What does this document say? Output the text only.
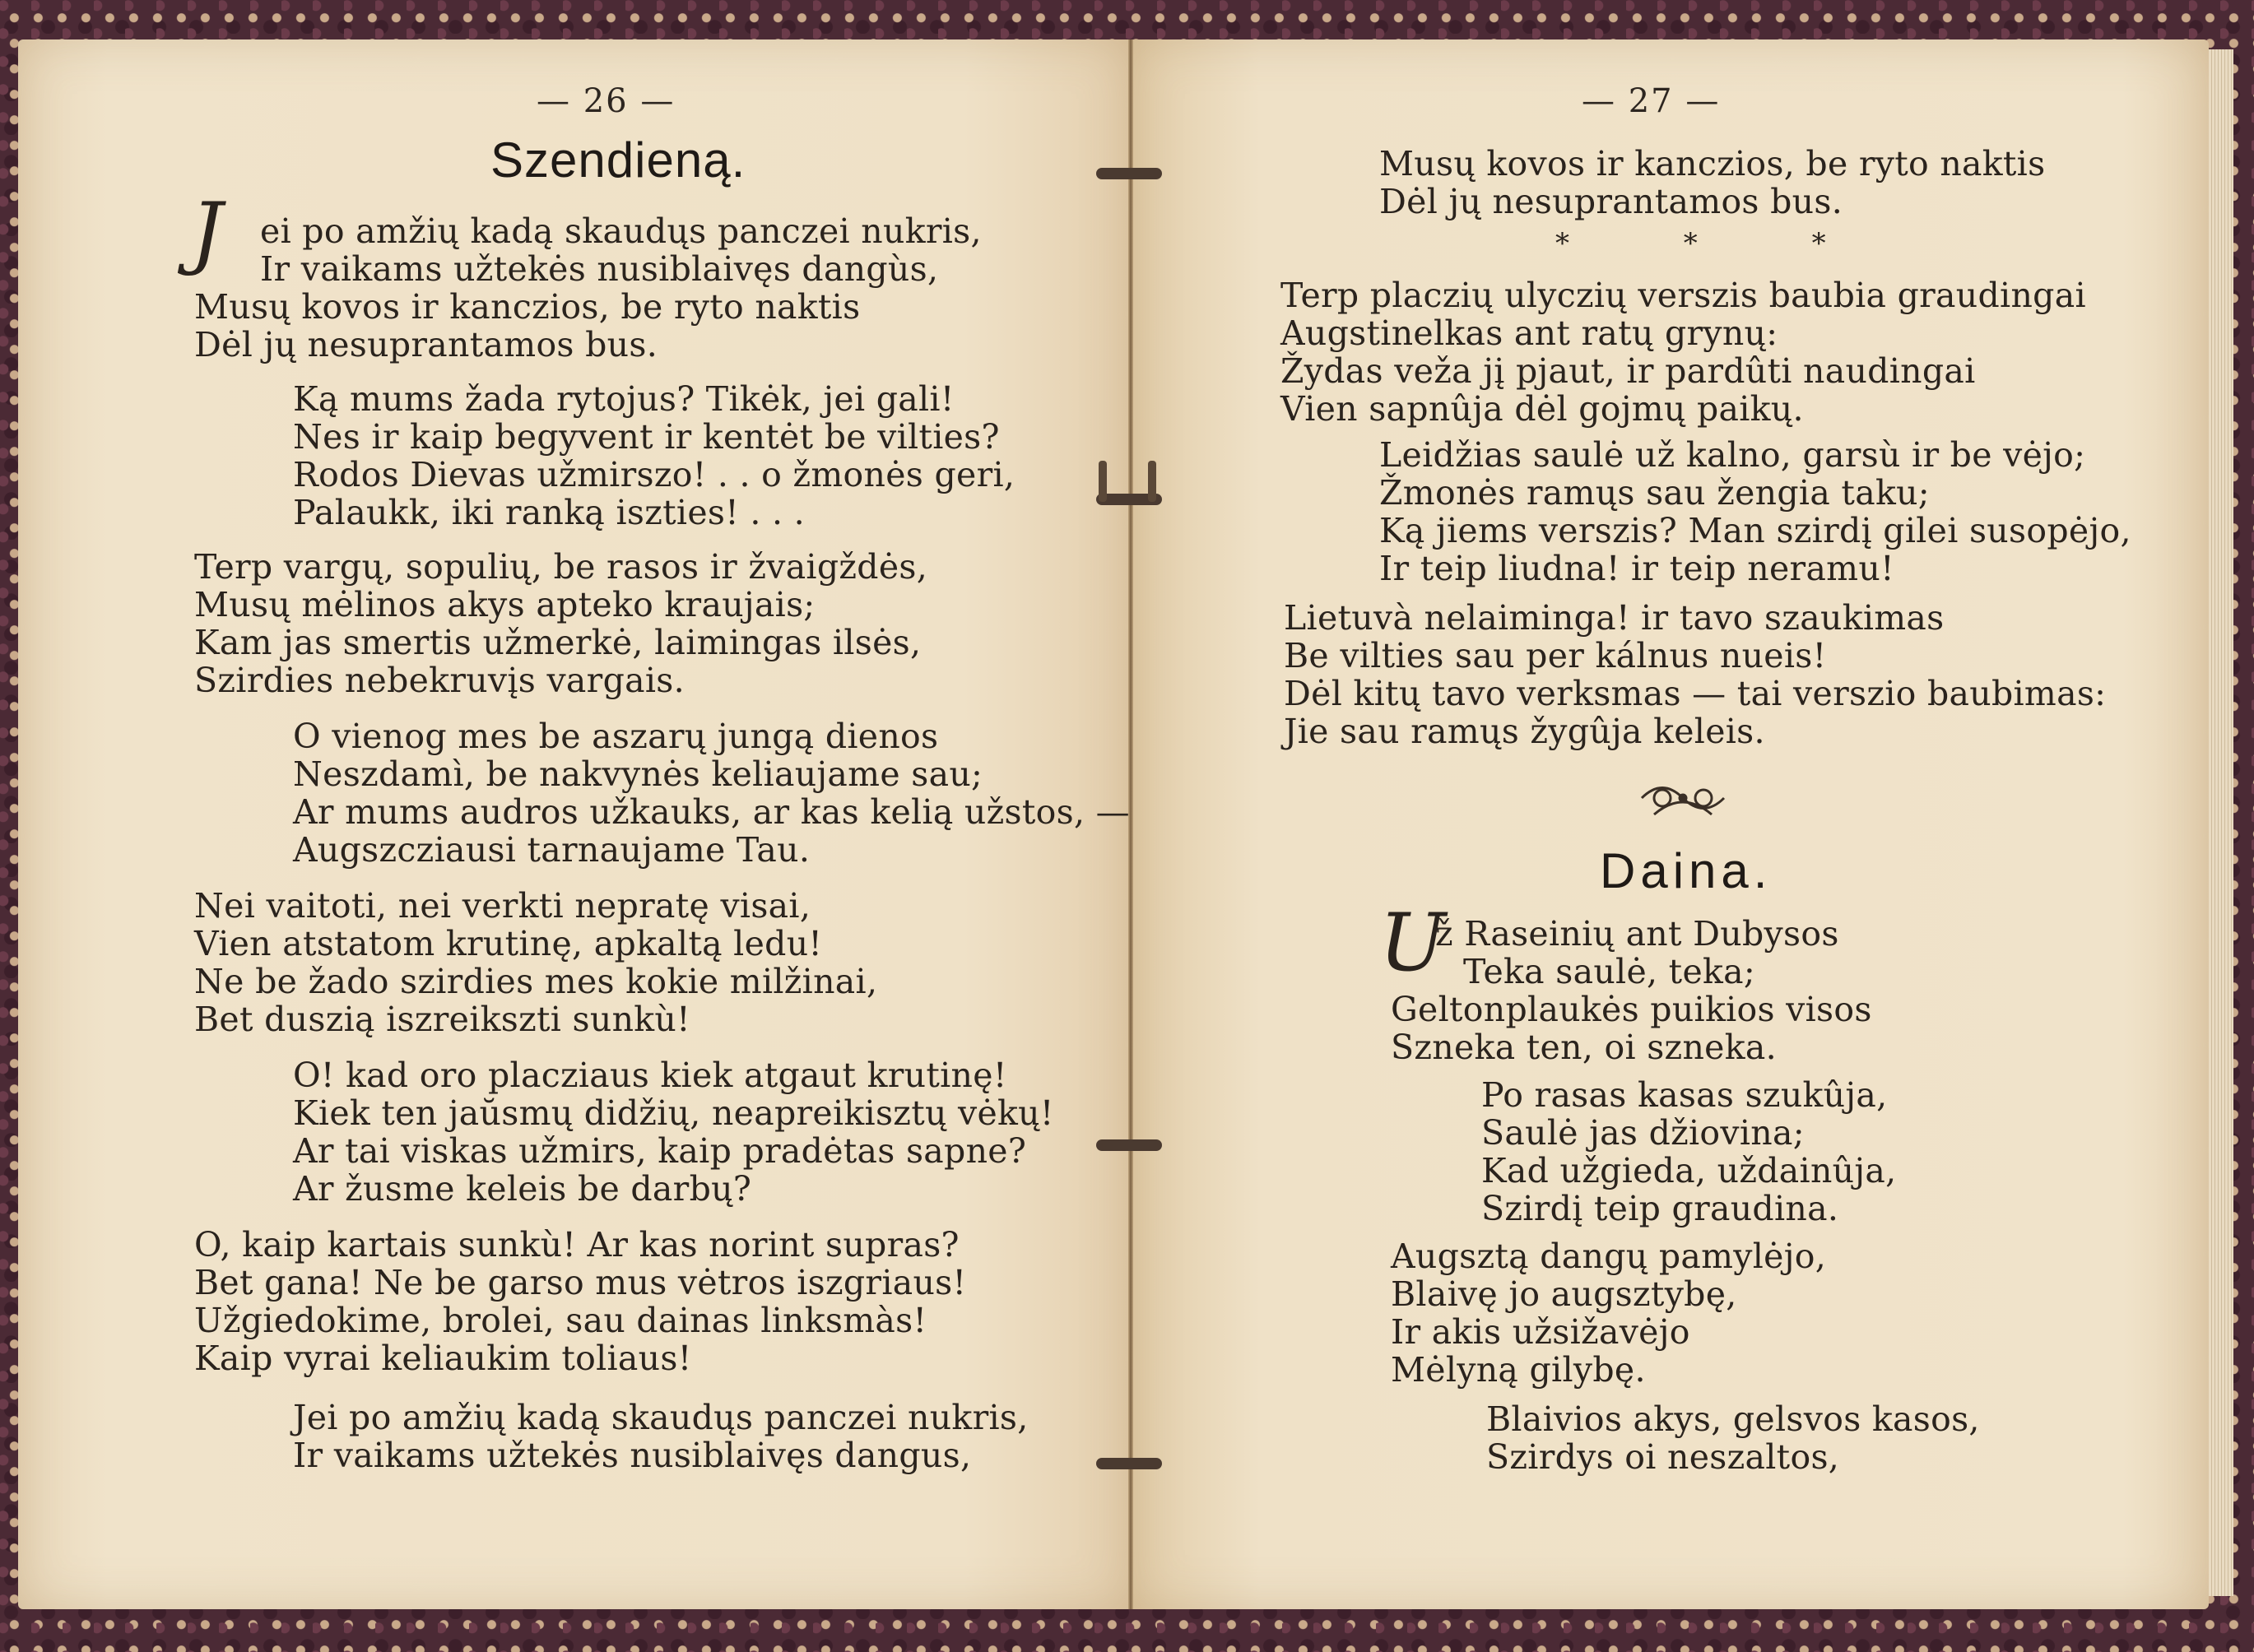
— 26 —
Szendieną.
J ei po amžių kadą skaudųs panczei nukris,
Ir vaikams užtekės nusiblaivęs dangùs,
Musų kovos ir kanczios, be ryto naktis
Dėl jų nesuprantamos bus.
Ką mums žada rytojus? Tikėk, jei gali!
Nes ir kaip begyvent ir kentėt be vilties?
Rodos Dievas užmirszo! . . o žmonės geri,
Palaukk, iki ranką iszties! . . .
Terp vargų, sopulių, be rasos ir žvaigždės,
Musų mėlinos akys apteko kraujais;
Kam jas smertis užmerkė, laimingas ilsės,
Szirdies nebekruvįs vargais.
O vienog mes be aszarų jungą dienos
Neszdamì, be nakvynės keliaujame sau;
Ar mums audros užkauks, ar kas kelią užstos, —
Augszcziausi tarnaujame Tau.
Nei vaitoti, nei verkti nepratę visai,
Vien atstatom krutinę, apkaltą ledu!
Ne be žado szirdies mes kokie milžinai,
Bet duszią iszreikszti sunkù!
O! kad oro placziaus kiek atgaut krutinę!
Kiek ten jaŭsmų didžių, neapreikisztų vėkų!
Ar tai viskas užmirs, kaip pradėtas sapne?
Ar žusme keleis be darbų?
O, kaip kartais sunkù! Ar kas norint supras?
Bet gana! Ne be garso mus vėtros iszgriaus!
Užgiedokime, brolei, sau dainas linksmàs!
Kaip vyrai keliaukim toliaus!
Jei po amžių kadą skaudųs panczei nukris,
Ir vaikams užtekės nusiblaivęs dangus,
— 27 —
Musų kovos ir kanczios, be ryto naktis
Dėl jų nesuprantamos bus.
* * *
Terp placzių ulyczių verszis baubia graudingai
Augstinelkas ant ratų grynų:
Žydas veža jį pjaut, ir pardûti naudingai
Vien sapnûja dėl gojmų paikų.
Leidžias saulė už kalno, garsù ir be vėjo;
Žmonės ramųs sau žengia taku;
Ką jiems verszis? Man szirdį gilei susopėjo,
Ir teip liudna! ir teip neramu!
Lietuvà nelaiminga! ir tavo szaukimas
Be vilties sau per kálnus nueis!
Dėl kitų tavo verksmas — tai verszio baubimas:
Jie sau ramųs žygûja keleis.
Daina.
U
ž Raseinių ant Dubysos
Teka saulė, teka;
Geltonplaukės puikios visos
Szneka ten, oi szneka.
Po rasas kasas szukûja,
Saulė jas džiovina;
Kad užgieda, uždainûja,
Szirdį teip graudina.
Augsztą dangų pamylėjo,
Blaivę jo augsztybę,
Ir akis užsižavėjo
Mėlyną gilybę.
Blaivios akys, gelsvos kasos,
Szirdys oi neszaltos,
